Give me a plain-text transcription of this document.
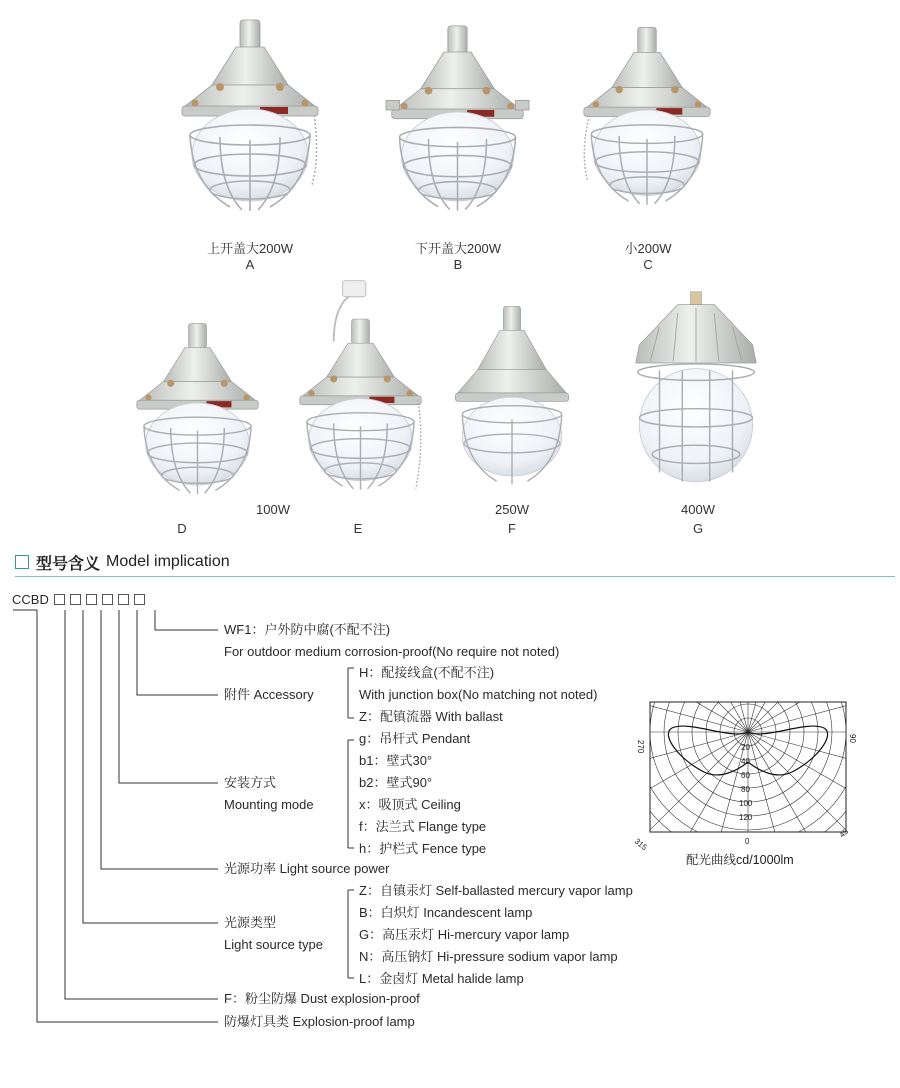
上开盖大200W
A
下开盖大200W
B
小200W
C
100W
D	E
250W
F
400W
G
型号含义 Model implication
CCBD
WF1：户外防中腐(不配不注)
For outdoor medium corrosion-proof(No require not noted)
附件 Accessory
H：配接线盒(不配不注)
With junction box(No matching not noted)
Z：配镇流器 With ballast
安装方式
Mounting mode
g：吊杆式 Pendant
b1：壁式30°
b2：壁式90°
x：吸顶式 Ceiling
f：法兰式 Flange type
h：护栏式 Fence type
光源功率 Light source power
光源类型
Light source type
Z：自镇汞灯 Self-ballasted mercury vapor lamp
B：白炽灯 Incandescent lamp
G：高压汞灯 Hi-mercury vapor lamp
N：高压钠灯 Hi-pressure sodium vapor lamp
L：金卤灯 Metal halide lamp
F：粉尘防爆 Dust explosion-proof
防爆灯具类 Explosion-proof lamp
270
90
315	0
45
20
40
60
80
100
120
配光曲线cd/1000lm
